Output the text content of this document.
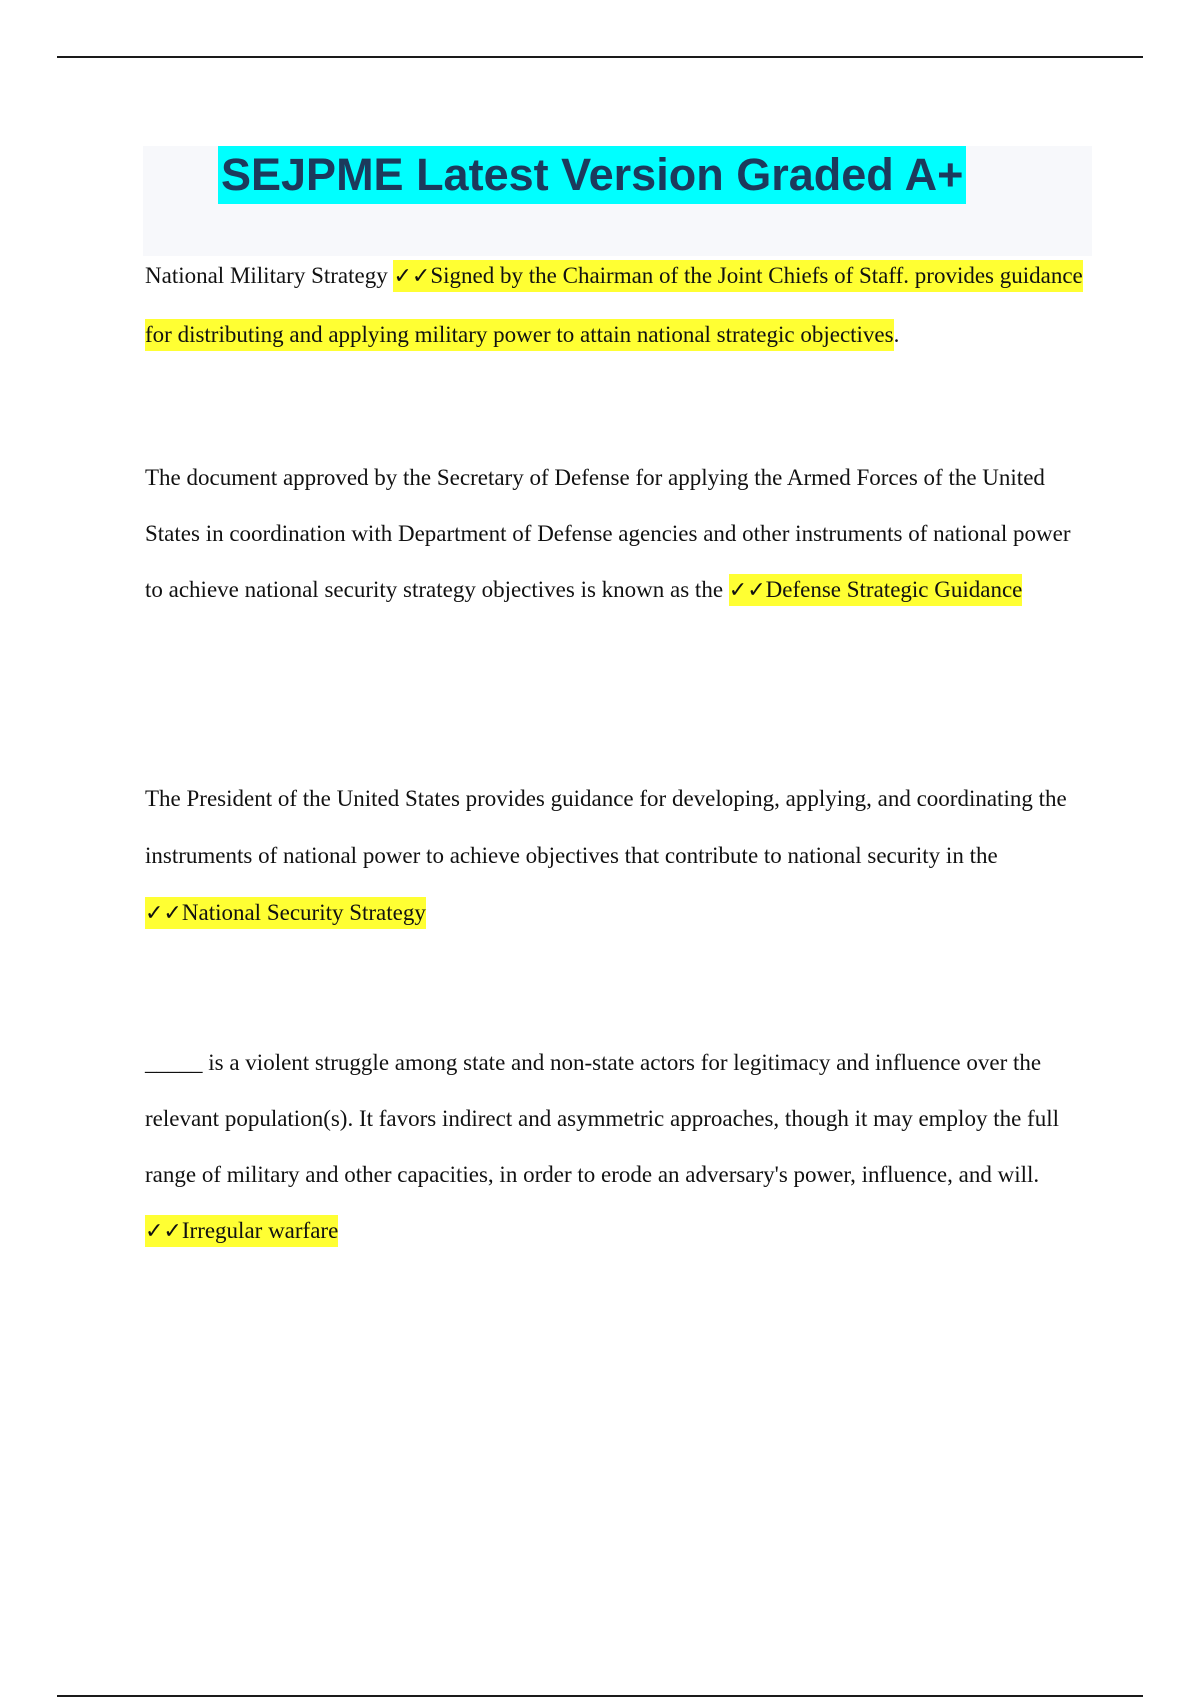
SEJPME Latest Version Graded A+

National Military Strategy ✓✓Signed by the Chairman of the Joint Chiefs of Staff. provides guidance for distributing and applying military power to attain national strategic objectives.

The document approved by the Secretary of Defense for applying the Armed Forces of the United States in coordination with Department of Defense agencies and other instruments of national power to achieve national security strategy objectives is known as the ✓✓Defense Strategic Guidance

The President of the United States provides guidance for developing, applying, and coordinating the instruments of national power to achieve objectives that contribute to national security in the ✓✓National Security Strategy

_____ is a violent struggle among state and non-state actors for legitimacy and influence over the relevant population(s). It favors indirect and asymmetric approaches, though it may employ the full range of military and other capacities, in order to erode an adversary's power, influence, and will. ✓✓Irregular warfare
